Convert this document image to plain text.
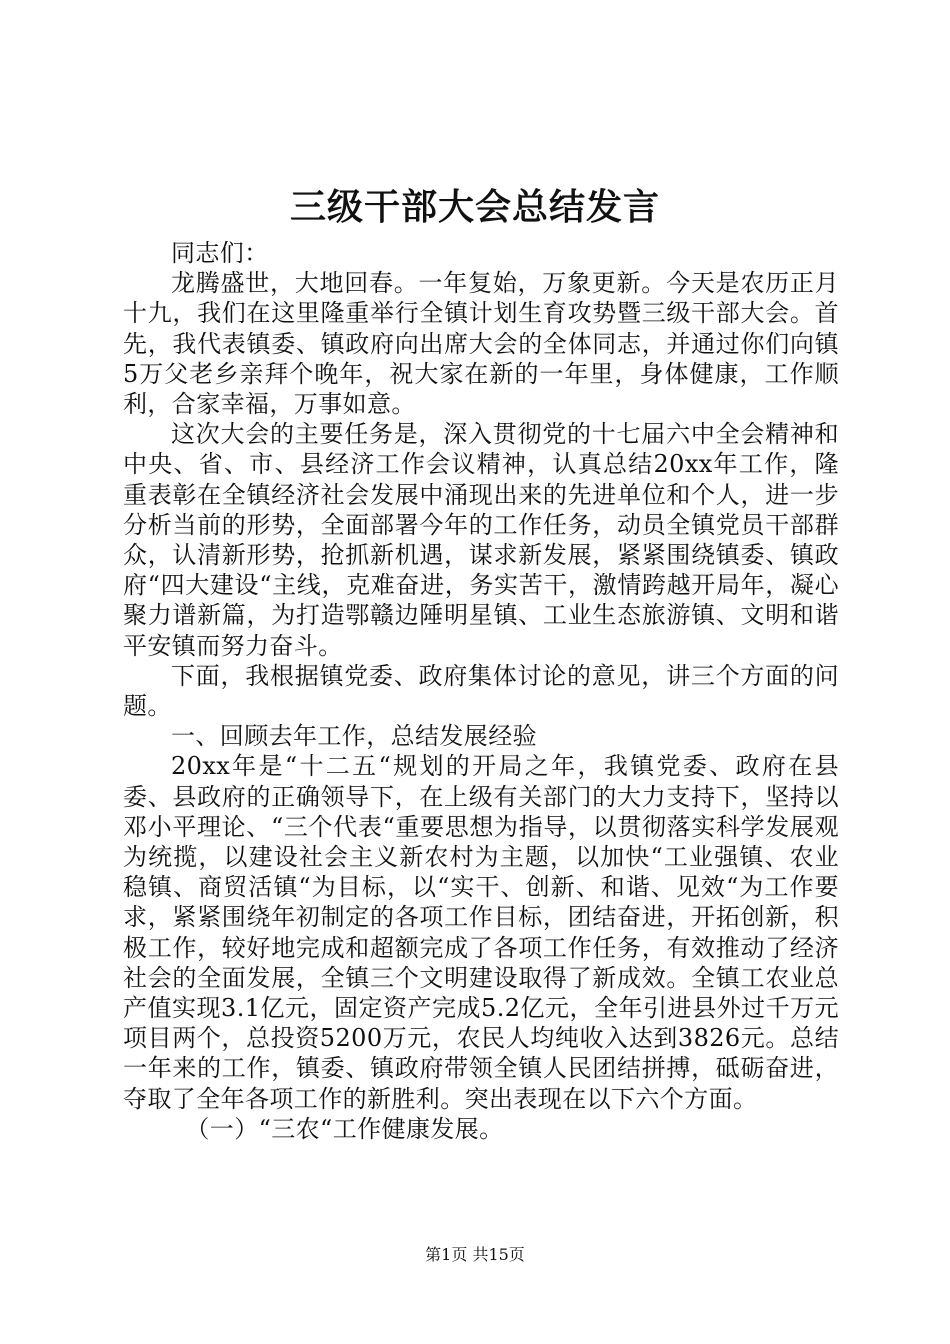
三级干部大会总结发言

同志们：

龙腾盛世，大地回春。一年复始，万象更新。今天是农历正月十九，我们在这里隆重举行全镇计划生育攻势暨三级干部大会。首先，我代表镇委、镇政府向出席大会的全体同志，并通过你们向镇5万父老乡亲拜个晚年，祝大家在新的一年里，身体健康，工作顺利，合家幸福，万事如意。

这次大会的主要任务是，深入贯彻党的十七届六中全会精神和中央、省、市、县经济工作会议精神，认真总结20xx年工作，隆重表彰在全镇经济社会发展中涌现出来的先进单位和个人，进一步分析当前的形势，全面部署今年的工作任务，动员全镇党员干部群众，认清新形势，抢抓新机遇，谋求新发展，紧紧围绕镇委、镇政府“四大建设“主线，克难奋进，务实苦干，激情跨越开局年，凝心聚力谱新篇，为打造鄂赣边陲明星镇、工业生态旅游镇、文明和谐平安镇而努力奋斗。

下面，我根据镇党委、政府集体讨论的意见，讲三个方面的问题。

一、回顾去年工作，总结发展经验

20xx年是“十二五“规划的开局之年，我镇党委、政府在县委、县政府的正确领导下，在上级有关部门的大力支持下，坚持以邓小平理论、“三个代表“重要思想为指导，以贯彻落实科学发展观为统揽，以建设社会主义新农村为主题，以加快“工业强镇、农业稳镇、商贸活镇“为目标，以“实干、创新、和谐、见效“为工作要求，紧紧围绕年初制定的各项工作目标，团结奋进，开拓创新，积极工作，较好地完成和超额完成了各项工作任务，有效推动了经济社会的全面发展，全镇三个文明建设取得了新成效。全镇工农业总产值实现3.1亿元，固定资产完成5.2亿元，全年引进县外过千万元项目两个，总投资5200万元，农民人均纯收入达到3826元。总结一年来的工作，镇委、镇政府带领全镇人民团结拼搏，砥砺奋进，夺取了全年各项工作的新胜利。突出表现在以下六个方面。

（一）“三农“工作健康发展。

第1页 共15页
